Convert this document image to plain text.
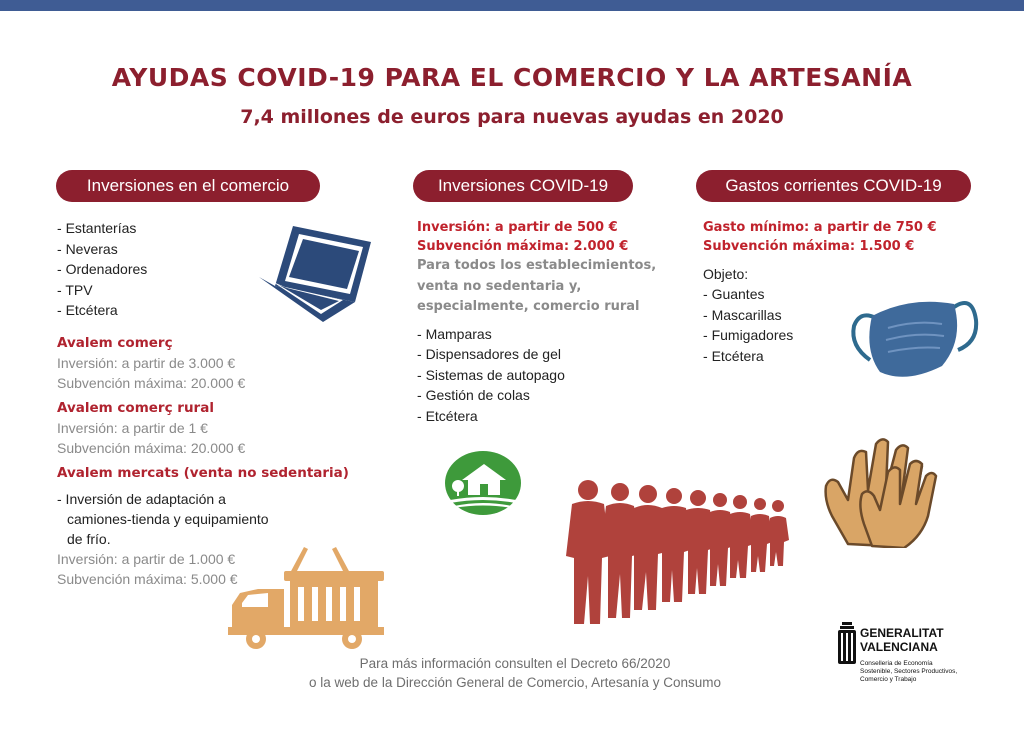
AYUDAS COVID-19 PARA EL COMERCIO Y LA ARTESANÍA
7,4 millones de euros para nuevas ayudas en 2020
Inversiones en el comercio	Inversiones COVID-19	Gastos corrientes COVID-19
- Estanterías
- Neveras
- Ordenadores
- TPV
- Etcétera
Avalem comerç
Inversión: a partir de 3.000 €
Subvención máxima: 20.000 €
Avalem comerç rural
Inversión: a partir de 1 €
Subvención máxima: 20.000 €
Avalem mercats (venta no sedentaria)
- Inversión de adaptación a
camiones-tienda y equipamiento
de frío.
Inversión: a partir de 1.000 €
Subvención máxima: 5.000 €
Inversión: a partir de 500 €
Subvención máxima: 2.000 €
Para todos los establecimientos,
venta no sedentaria y,
especialmente, comercio rural
- Mamparas
- Dispensadores de gel
- Sistemas de autopago
- Gestión de colas
- Etcétera
Gasto mínimo: a partir de 750 €
Subvención máxima: 1.500 €
Objeto:
- Guantes
- Mascarillas
- Fumigadores
- Etcétera
Para más información consulten el Decreto 66/2020
o la web de la Dirección General de Comercio, Artesanía y Consumo
GENERALITAT
VALENCIANA
Conselleria de Economía
Sostenible, Sectores Productivos,
Comercio y Trabajo
